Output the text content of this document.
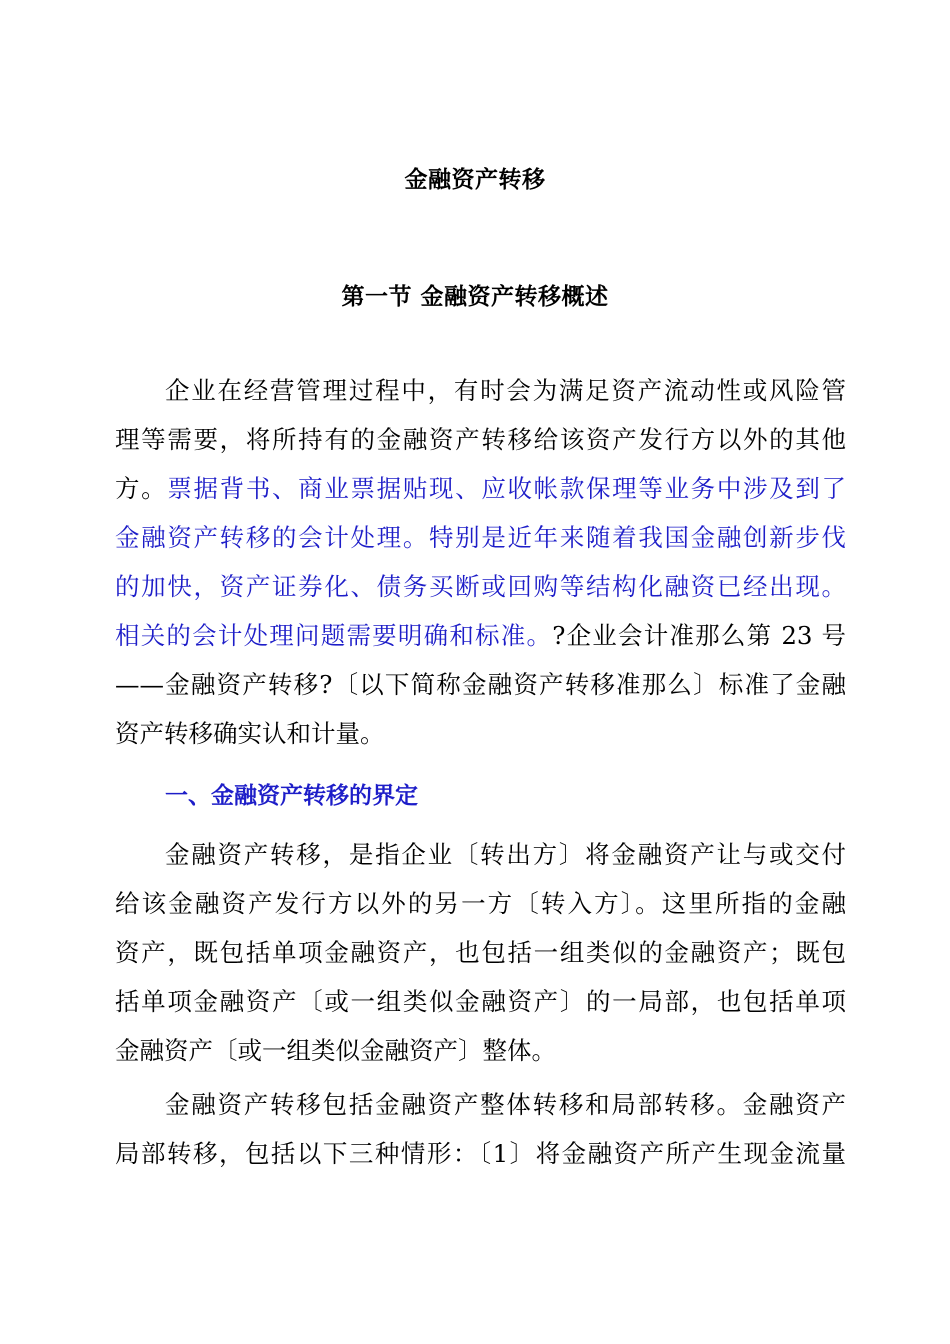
金融资产转移
第一节 金融资产转移概述
企业在经营管理过程中，有时会为满足资产流动性或风险管
理等需要，将所持有的金融资产转移给该资产发行方以外的其他
方。票据背书、商业票据贴现、应收帐款保理等业务中涉及到了
金融资产转移的会计处理。特别是近年来随着我国金融创新步伐
的加快，资产证券化、债务买断或回购等结构化融资已经出现。
相关的会计处理问题需要明确和标准。?企业会计准那么第 23 号
——金融资产转移?〔以下简称金融资产转移准那么〕标准了金融
资产转移确实认和计量。
一、金融资产转移的界定
金融资产转移，是指企业〔转出方〕将金融资产让与或交付
给该金融资产发行方以外的另一方〔转入方〕。这里所指的金融
资产，既包括单项金融资产，也包括一组类似的金融资产；既包
括单项金融资产〔或一组类似金融资产〕的一局部，也包括单项
金融资产〔或一组类似金融资产〕整体。
金融资产转移包括金融资产整体转移和局部转移。金融资产
局部转移，包括以下三种情形：〔1〕将金融资产所产生现金流量
